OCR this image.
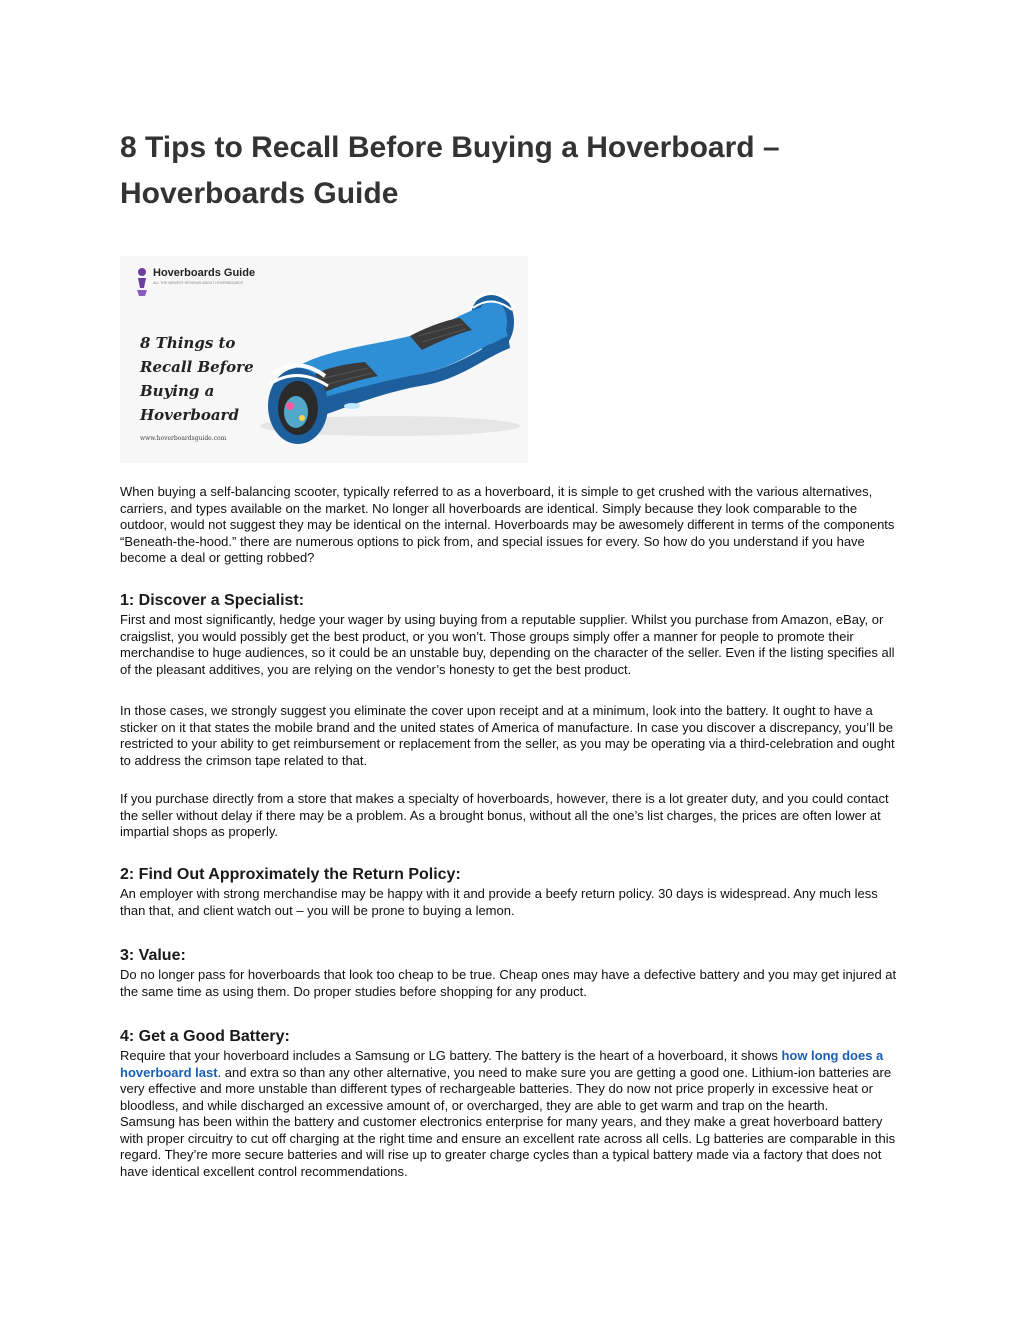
8 Tips to Recall Before Buying a Hoverboard – Hoverboards Guide
Hoverboards Guide
ALL THE NEWEST REVIEWS ABOUT HOVERBOARDS
8 Things to
Recall Before
Buying a
Hoverboard
www.hoverboardsguide.com

When buying a self-balancing scooter, typically referred to as a hoverboard, it is simple to get crushed with the various alternatives, carriers, and types available on the market. No longer all hoverboards are identical. Simply because they look comparable to the outdoor, would not suggest they may be identical on the internal. Hoverboards may be awesomely different in terms of the components “Beneath-the-hood.” there are numerous options to pick from, and special issues for every. So how do you understand if you have become a deal or getting robbed?

1: Discover a Specialist:

First and most significantly, hedge your wager by using buying from a reputable supplier. Whilst you purchase from Amazon, eBay, or craigslist, you would possibly get the best product, or you won’t. Those groups simply offer a manner for people to promote their merchandise to huge audiences, so it could be an unstable buy, depending on the character of the seller. Even if the listing specifies all of the pleasant additives, you are relying on the vendor’s honesty to get the best product.

In those cases, we strongly suggest you eliminate the cover upon receipt and at a minimum, look into the battery. It ought to have a sticker on it that states the mobile brand and the united states of America of manufacture. In case you discover a discrepancy, you’ll be restricted to your ability to get reimbursement or replacement from the seller, as you may be operating via a third-celebration and ought to address the crimson tape related to that.

If you purchase directly from a store that makes a specialty of hoverboards, however, there is a lot greater duty, and you could contact the seller without delay if there may be a problem. As a brought bonus, without all the one’s list charges, the prices are often lower at impartial shops as properly.

2: Find Out Approximately the Return Policy:

An employer with strong merchandise may be happy with it and provide a beefy return policy. 30 days is widespread. Any much less than that, and client watch out – you will be prone to buying a lemon.

3: Value:

Do no longer pass for hoverboards that look too cheap to be true. Cheap ones may have a defective battery and you may get injured at the same time as using them. Do proper studies before shopping for any product.

4: Get a Good Battery:

Require that your hoverboard includes a Samsung or LG battery. The battery is the heart of a hoverboard, it shows how long does a hoverboard last. and extra so than any other alternative, you need to make sure you are getting a good one. Lithium-ion batteries are very effective and more unstable than different types of rechargeable batteries. They do now not price properly in excessive heat or bloodless, and while discharged an excessive amount of, or overcharged, they are able to get warm and trap on the hearth.

Samsung has been within the battery and customer electronics enterprise for many years, and they make a great hoverboard battery with proper circuitry to cut off charging at the right time and ensure an excellent rate across all cells. Lg batteries are comparable in this regard. They’re more secure batteries and will rise up to greater charge cycles than a typical battery made via a factory that does not have identical excellent control recommendations.
